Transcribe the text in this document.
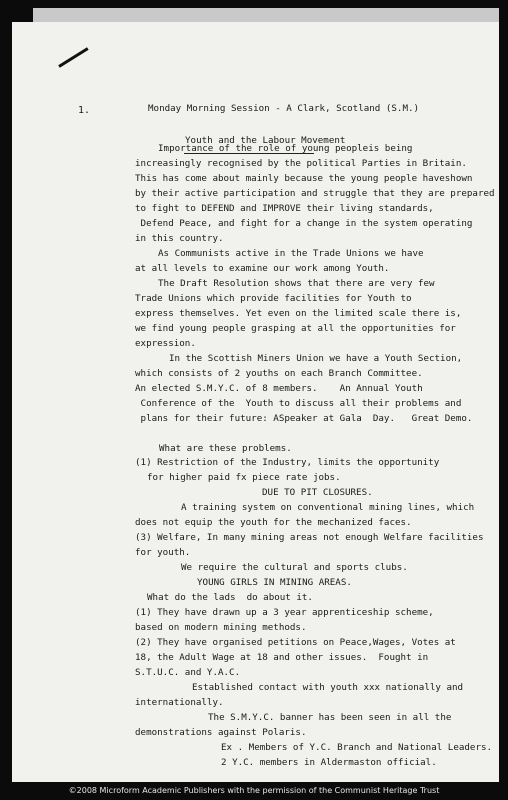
1.	Monday Morning Session - A Clark, Scotland (S.M.)
Youth and the Labour Movement
Importance of the role of young peopleis being
increasingly recognised by the political Parties in Britain.
This has come about mainly because the young people haveshown
by their active participation and struggle that they are prepared
to fight to DEFEND and IMPROVE their living standards,
Defend Peace, and fight for a change in the system operating
in this country.
As Communists active in the Trade Unions we have
at all levels to examine our work among Youth.
The Draft Resolution shows that there are very few
Trade Unions which provide facilities for Youth to
express themselves. Yet even on the limited scale there is,
we find young people grasping at all the opportunities for
expression.
In the Scottish Miners Union we have a Youth Section,
which consists of 2 youths on each Branch Committee.
An elected S.M.Y.C. of 8 members.    An Annual Youth
Conference of the  Youth to discuss all their problems and
plans for their future: ASpeaker at Gala  Day.   Great Demo.
What are these problems.
(1) Restriction of the Industry, limits the opportunity
for higher paid fx piece rate jobs.
DUE TO PIT CLOSURES.
A training system on conventional mining lines, which
does not equip the youth for the mechanized faces.
(3) Welfare, In many mining areas not enough Welfare facilities
for youth.
We require the cultural and sports clubs.
YOUNG GIRLS IN MINING AREAS.
What do the lads  do about it.
(1) They have drawn up a 3 year apprenticeship scheme,
based on modern mining methods.
(2) They have organised petitions on Peace,Wages, Votes at
18, the Adult Wage at 18 and other issues.  Fought in
S.T.U.C. and Y.A.C.
Established contact with youth xxx nationally and
internationally.
The S.M.Y.C. banner has been seen in all the
demonstrations against Polaris.
Ex . Members of Y.C. Branch and National Leaders.
2 Y.C. members in Aldermaston official.
©2008 Microform Academic Publishers with the permission of the Communist Heritage Trust
